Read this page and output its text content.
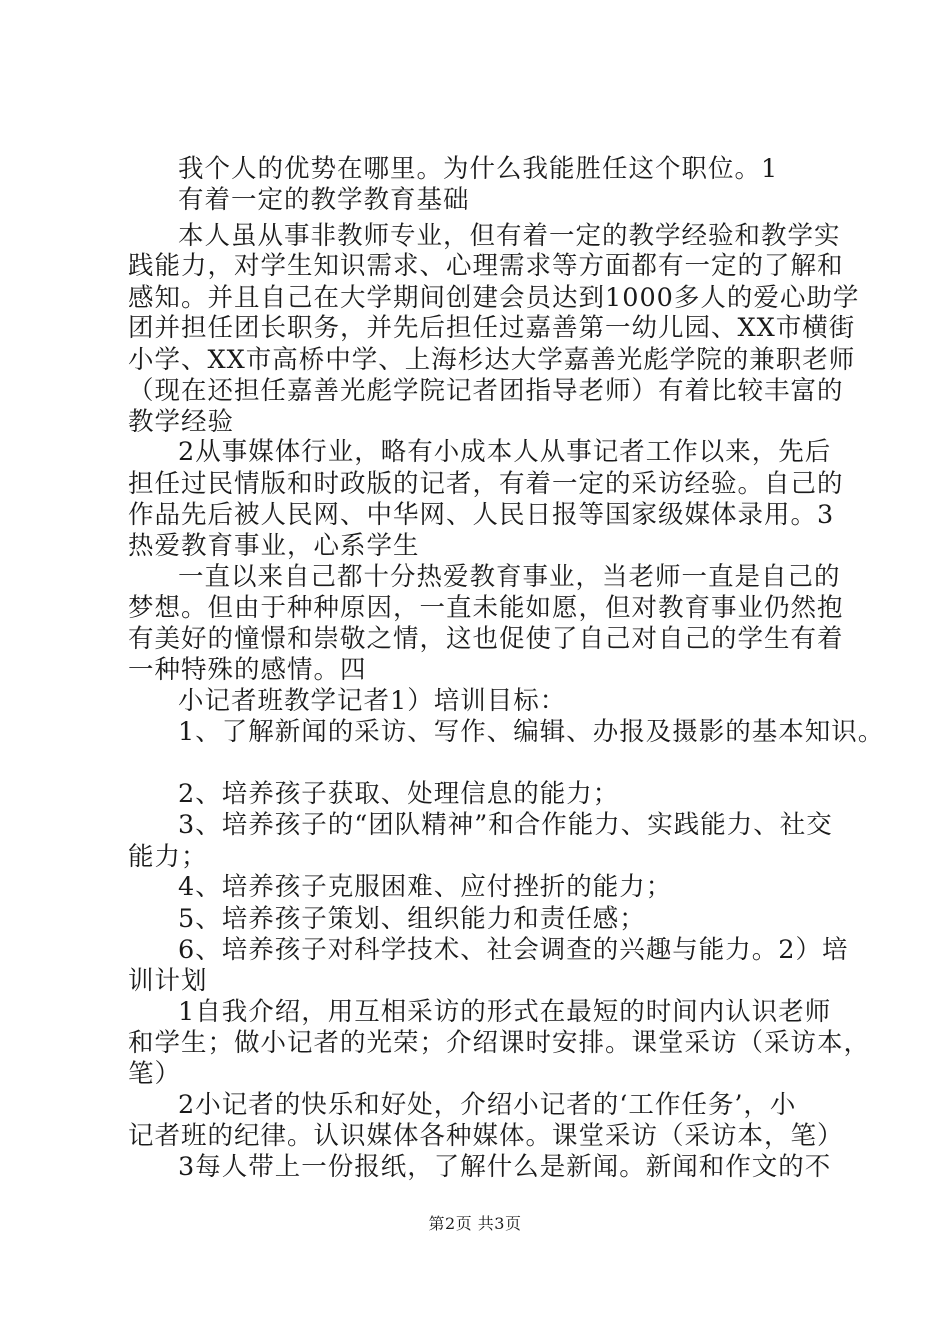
我个人的优势在哪里。为什么我能胜任这个职位。1
有着一定的教学教育基础
本人虽从事非教师专业，但有着一定的教学经验和教学实
践能力，对学生知识需求、心理需求等方面都有一定的了解和
感知。并且自己在大学期间创建会员达到1000多人的爱心助学
团并担任团长职务，并先后担任过嘉善第一幼儿园、XX市横街
小学、XX市高桥中学、上海杉达大学嘉善光彪学院的兼职老师
（现在还担任嘉善光彪学院记者团指导老师）有着比较丰富的
教学经验
2从事媒体行业，略有小成本人从事记者工作以来，先后
担任过民情版和时政版的记者，有着一定的采访经验。自己的
作品先后被人民网、中华网、人民日报等国家级媒体录用。3
热爱教育事业，心系学生
一直以来自己都十分热爱教育事业，当老师一直是自己的
梦想。但由于种种原因，一直未能如愿，但对教育事业仍然抱
有美好的憧憬和崇敬之情，这也促使了自己对自己的学生有着
一种特殊的感情。四
小记者班教学记者1）培训目标：
1、了解新闻的采访、写作、编辑、办报及摄影的基本知识。
2、培养孩子获取、处理信息的能力；
3、培养孩子的“团队精神”和合作能力、实践能力、社交
能力；
4、培养孩子克服困难、应付挫折的能力；
5、培养孩子策划、组织能力和责任感；
6、培养孩子对科学技术、社会调查的兴趣与能力。2）培
训计划
1自我介绍，用互相采访的形式在最短的时间内认识老师
和学生；做小记者的光荣；介绍课时安排。课堂采访（采访本，
笔）
2小记者的快乐和好处，介绍小记者的‘工作任务’，小
记者班的纪律。认识媒体各种媒体。课堂采访（采访本，笔）
3每人带上一份报纸，了解什么是新闻。新闻和作文的不
第2页 共3页
